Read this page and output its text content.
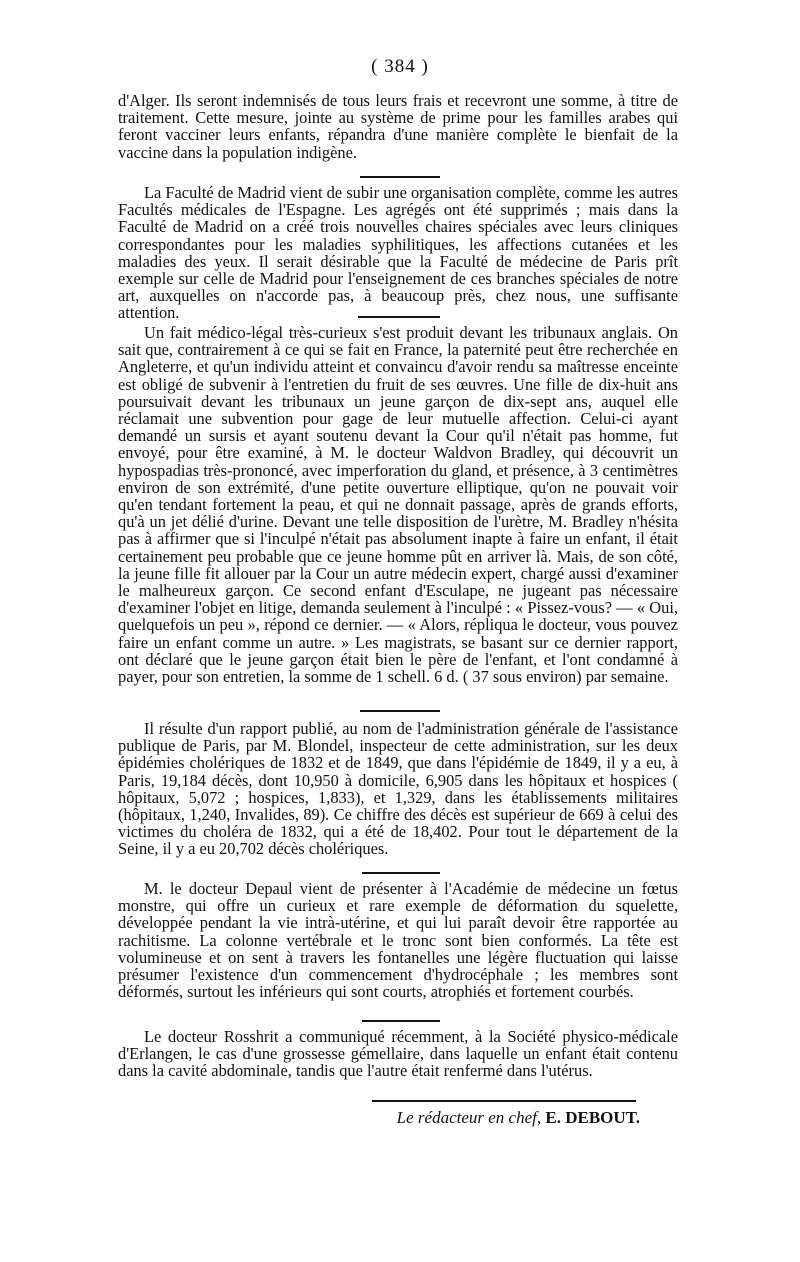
( 384 )

d'Alger. Ils seront indemnisés de tous leurs frais et recevront une somme, à titre de traitement. Cette mesure, jointe au système de prime pour les familles arabes qui feront vacciner leurs enfants, répandra d'une manière complète le bienfait de la vaccine dans la population indigène.

La Faculté de Madrid vient de subir une organisation complète, comme les autres Facultés médicales de l'Espagne. Les agrégés ont été supprimés ; mais dans la Faculté de Madrid on a créé trois nouvelles chaires spéciales avec leurs cliniques correspondantes pour les maladies syphilitiques, les affections cutanées et les maladies des yeux. Il serait désirable que la Faculté de médecine de Paris prît exemple sur celle de Madrid pour l'enseignement de ces branches spéciales de notre art, auxquelles on n'accorde pas, à beaucoup près, chez nous, une suffisante attention.

Un fait médico-légal très-curieux s'est produit devant les tribunaux anglais. On sait que, contrairement à ce qui se fait en France, la paternité peut être recherchée en Angleterre, et qu'un individu atteint et convaincu d'avoir rendu sa maîtresse enceinte est obligé de subvenir à l'entretien du fruit de ses œuvres. Une fille de dix-huit ans poursuivait devant les tribunaux un jeune garçon de dix-sept ans, auquel elle réclamait une subvention pour gage de leur mutuelle affection. Celui-ci ayant demandé un sursis et ayant soutenu devant la Cour qu'il n'était pas homme, fut envoyé, pour être examiné, à M. le docteur Waldvon Bradley, qui découvrit un hypospadias très-prononcé, avec imperforation du gland, et présence, à 3 centimètres environ de son extrémité, d'une petite ouverture elliptique, qu'on ne pouvait voir qu'en tendant fortement la peau, et qui ne donnait passage, après de grands efforts, qu'à un jet délié d'urine. Devant une telle disposition de l'urètre, M. Bradley n'hésita pas à affirmer que si l'inculpé n'était pas absolument inapte à faire un enfant, il était certainement peu probable que ce jeune homme pût en arriver là. Mais, de son côté, la jeune fille fit allouer par la Cour un autre médecin expert, chargé aussi d'examiner le malheureux garçon. Ce second enfant d'Esculape, ne jugeant pas nécessaire d'examiner l'objet en litige, demanda seulement à l'inculpé : « Pissez-vous? — « Oui, quelquefois un peu », répond ce dernier. — « Alors, répliqua le docteur, vous pouvez faire un enfant comme un autre. » Les magistrats, se basant sur ce dernier rapport, ont déclaré que le jeune garçon était bien le père de l'enfant, et l'ont condamné à payer, pour son entretien, la somme de 1 schell. 6 d. ( 37 sous environ) par semaine.

Il résulte d'un rapport publié, au nom de l'administration générale de l'assistance publique de Paris, par M. Blondel, inspecteur de cette administration, sur les deux épidémies cholériques de 1832 et de 1849, que dans l'épidémie de 1849, il y a eu, à Paris, 19,184 décès, dont 10,950 à domicile, 6,905 dans les hôpitaux et hospices ( hôpitaux, 5,072 ; hospices, 1,833), et 1,329, dans les établissements militaires (hôpitaux, 1,240, Invalides, 89). Ce chiffre des décès est supérieur de 669 à celui des victimes du choléra de 1832, qui a été de 18,402. Pour tout le département de la Seine, il y a eu 20,702 décès cholériques.

M. le docteur Depaul vient de présenter à l'Académie de médecine un fœtus monstre, qui offre un curieux et rare exemple de déformation du squelette, développée pendant la vie intrà-utérine, et qui lui paraît devoir être rapportée au rachitisme. La colonne vertébrale et le tronc sont bien conformés. La tête est volumineuse et on sent à travers les fontanelles une légère fluctuation qui laisse présumer l'existence d'un commencement d'hydrocéphale ; les membres sont déformés, surtout les inférieurs qui sont courts, atrophiés et fortement courbés.

Le docteur Rosshrit a communiqué récemment, à la Société physico-médicale d'Erlangen, le cas d'une grossesse gémellaire, dans laquelle un enfant était contenu dans la cavité abdominale, tandis que l'autre était renfermé dans l'utérus.

Le rédacteur en chef, E. DEBOUT.
